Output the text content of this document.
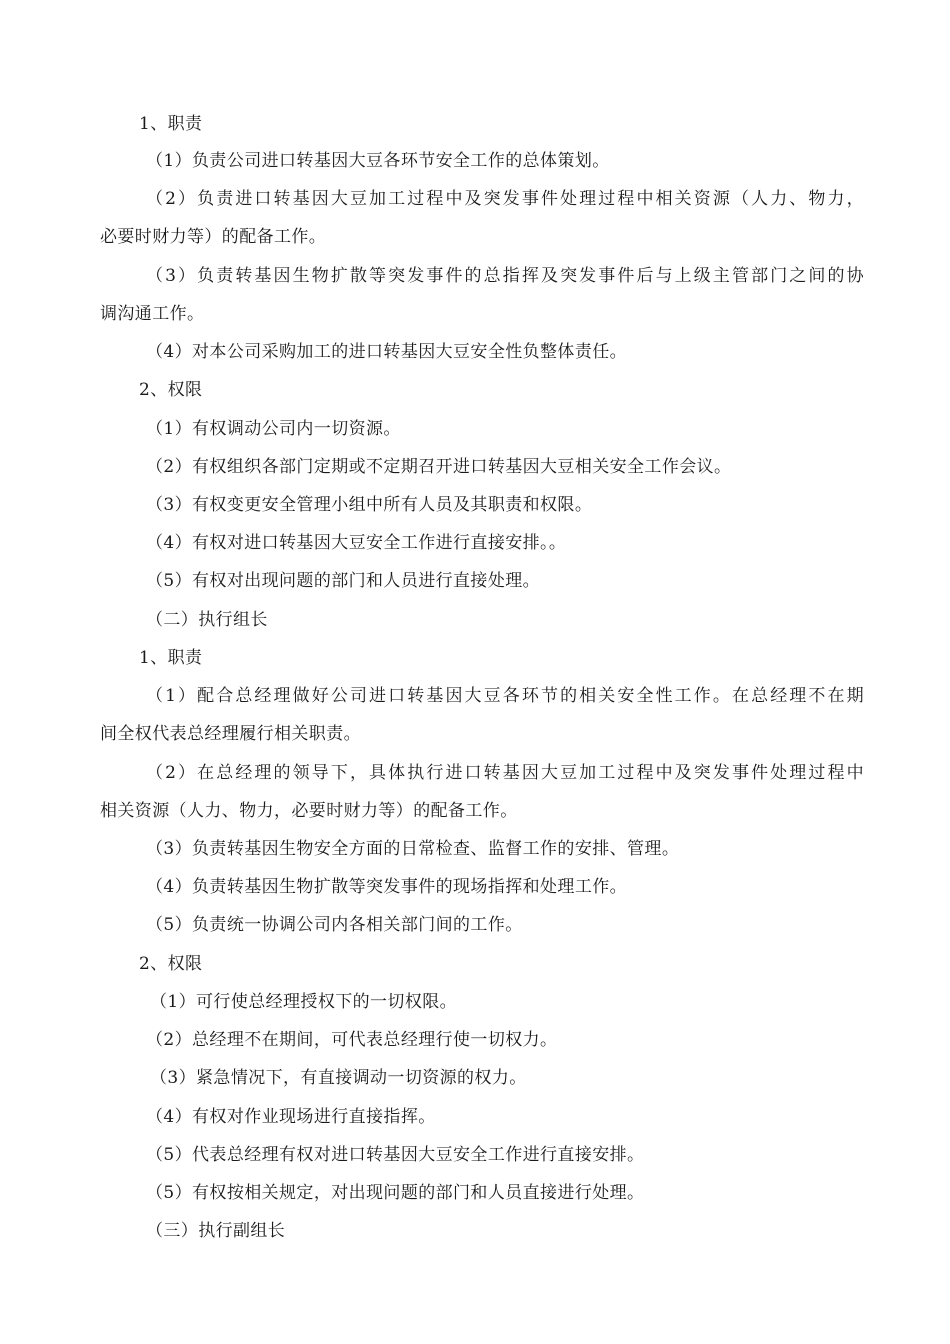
1、职责
（1）负责公司进口转基因大豆各环节安全工作的总体策划。
（2）负责进口转基因大豆加工过程中及突发事件处理过程中相关资源（人力、物力，
必要时财力等）的配备工作。
（3）负责转基因生物扩散等突发事件的总指挥及突发事件后与上级主管部门之间的协
调沟通工作。
（4）对本公司采购加工的进口转基因大豆安全性负整体责任。
2、权限
（1）有权调动公司内一切资源。
（2）有权组织各部门定期或不定期召开进口转基因大豆相关安全工作会议。
（3）有权变更安全管理小组中所有人员及其职责和权限。
（4）有权对进口转基因大豆安全工作进行直接安排。。
（5）有权对出现问题的部门和人员进行直接处理。
（二）执行组长
1、职责
（1）配合总经理做好公司进口转基因大豆各环节的相关安全性工作。在总经理不在期
间全权代表总经理履行相关职责。
（2）在总经理的领导下，具体执行进口转基因大豆加工过程中及突发事件处理过程中
相关资源（人力、物力，必要时财力等）的配备工作。
（3）负责转基因生物安全方面的日常检查、监督工作的安排、管理。
（4）负责转基因生物扩散等突发事件的现场指挥和处理工作。
（5）负责统一协调公司内各相关部门间的工作。
2、权限
（1）可行使总经理授权下的一切权限。
（2）总经理不在期间，可代表总经理行使一切权力。
（3）紧急情况下，有直接调动一切资源的权力。
（4）有权对作业现场进行直接指挥。
（5）代表总经理有权对进口转基因大豆安全工作进行直接安排。
（5）有权按相关规定，对出现问题的部门和人员直接进行处理。
（三）执行副组长
